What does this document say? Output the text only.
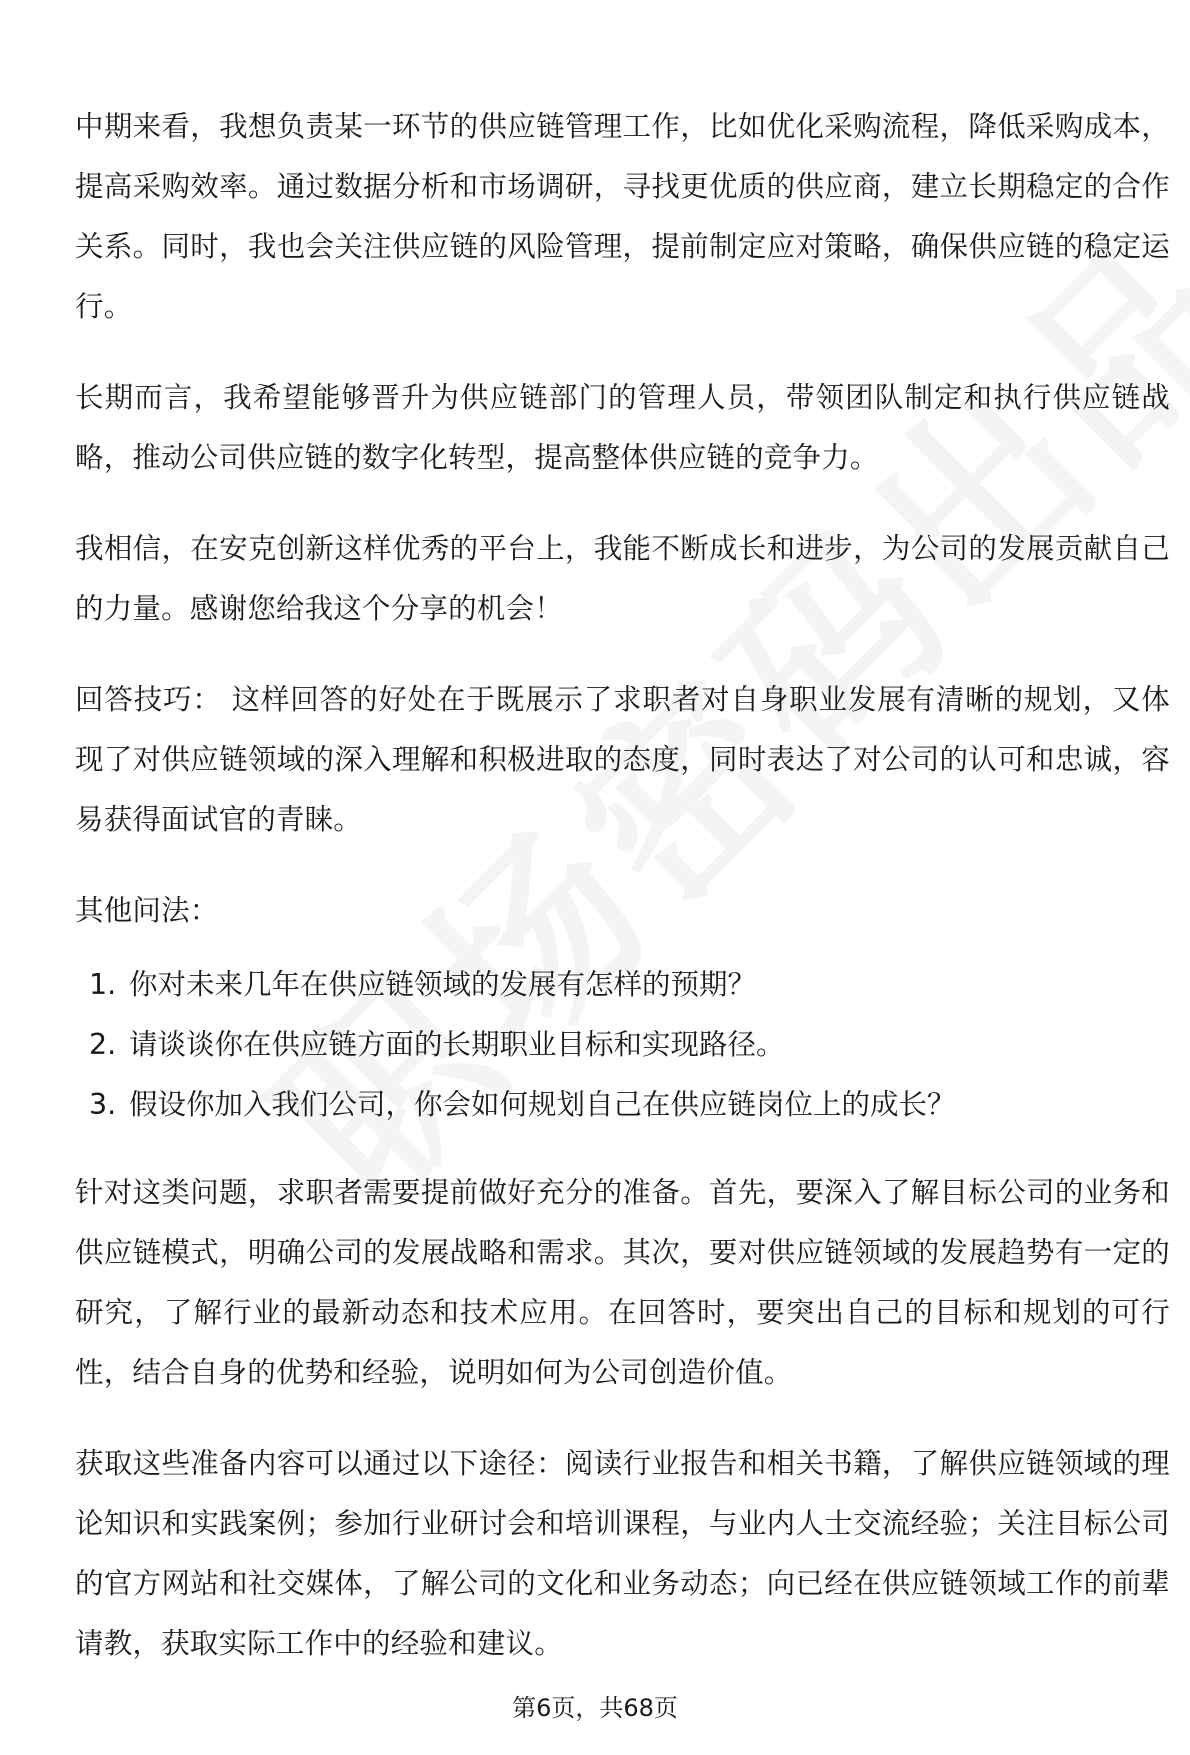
中期来看，我想负责某一环节的供应链管理工作，比如优化采购流程，降低采购成本，提高采购效率。通过数据分析和市场调研，寻找更优质的供应商，建立长期稳定的合作关系。同时，我也会关注供应链的风险管理，提前制定应对策略，确保供应链的稳定运行。

长期而言，我希望能够晋升为供应链部门的管理人员，带领团队制定和执行供应链战略，推动公司供应链的数字化转型，提高整体供应链的竞争力。

我相信，在安克创新这样优秀的平台上，我能不断成长和进步，为公司的发展贡献自己的力量。感谢您给我这个分享的机会！

回答技巧： 这样回答的好处在于既展示了求职者对自身职业发展有清晰的规划，又体现了对供应链领域的深入理解和积极进取的态度，同时表达了对公司的认可和忠诚，容易获得面试官的青睐。

其他问法：

1. 你对未来几年在供应链领域的发展有怎样的预期？
2. 请谈谈你在供应链方面的长期职业目标和实现路径。
3. 假设你加入我们公司，你会如何规划自己在供应链岗位上的成长？

针对这类问题，求职者需要提前做好充分的准备。首先，要深入了解目标公司的业务和供应链模式，明确公司的发展战略和需求。其次，要对供应链领域的发展趋势有一定的研究，了解行业的最新动态和技术应用。在回答时，要突出自己的目标和规划的可行性，结合自身的优势和经验，说明如何为公司创造价值。

获取这些准备内容可以通过以下途径：阅读行业报告和相关书籍，了解供应链领域的理论知识和实践案例；参加行业研讨会和培训课程，与业内人士交流经验；关注目标公司的官方网站和社交媒体，了解公司的文化和业务动态；向已经在供应链领域工作的前辈请教，获取实际工作中的经验和建议。

第6页，共68页
